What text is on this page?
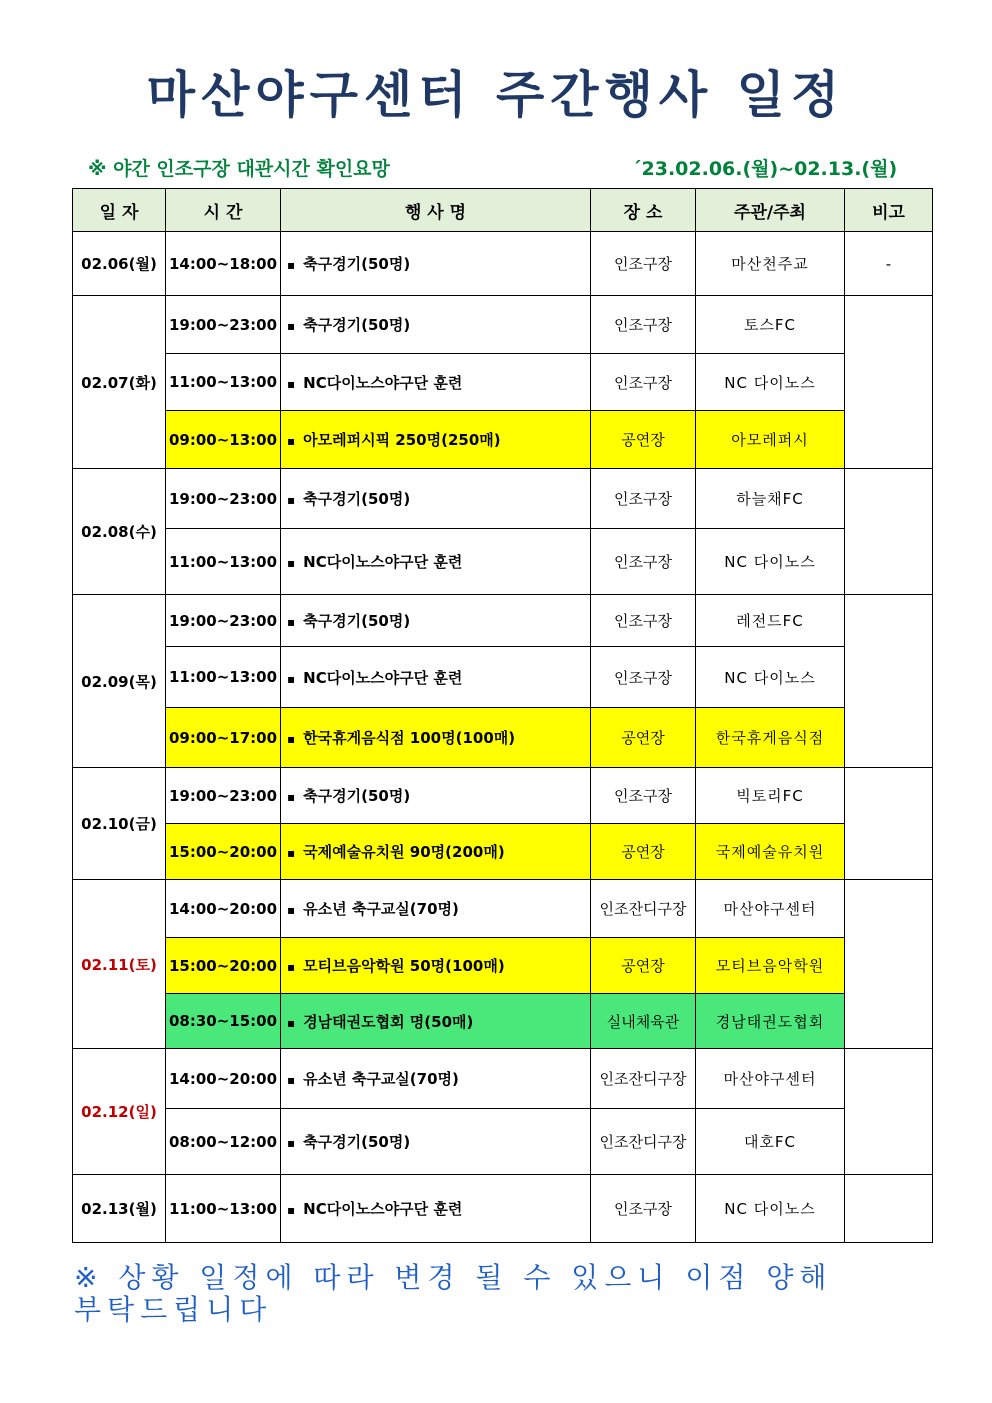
마산야구센터 주간행사 일정
※ 야간 인조구장 대관시간 확인요망	´23.02.06.(월)~02.13.(월)
일 자	시 간	행 사 명	장 소	주관/주최	비고
02.06(월)	14:00~18:00	▪ 축구경기(50명)	인조구장	마산천주교	-
02.07(화)	19:00~23:00	▪ 축구경기(50명)	인조구장	토스FC	
	11:00~13:00	▪ NC다이노스야구단 훈련	인조구장	NC 다이노스	
	09:00~13:00	▪ 아모레퍼시픽 250명(250매)	공연장	아모레퍼시	
02.08(수)	19:00~23:00	▪ 축구경기(50명)	인조구장	하늘채FC	
	11:00~13:00	▪ NC다이노스야구단 훈련	인조구장	NC 다이노스	
02.09(목)	19:00~23:00	▪ 축구경기(50명)	인조구장	레전드FC	
	11:00~13:00	▪ NC다이노스야구단 훈련	인조구장	NC 다이노스	
	09:00~17:00	▪ 한국휴게음식점 100명(100매)	공연장	한국휴게음식점	
02.10(금)	19:00~23:00	▪ 축구경기(50명)	인조구장	빅토리FC	
	15:00~20:00	▪ 국제예술유치원 90명(200매)	공연장	국제예술유치원	
02.11(토)	14:00~20:00	▪ 유소년 축구교실(70명)	인조잔디구장	마산야구센터	
	15:00~20:00	▪ 모티브음악학원 50명(100매)	공연장	모티브음악학원	
	08:30~15:00	▪ 경남태권도협회 명(50매)	실내체육관	경남태권도협회	
02.12(일)	14:00~20:00	▪ 유소년 축구교실(70명)	인조잔디구장	마산야구센터	
	08:00~12:00	▪ 축구경기(50명)	인조잔디구장	대호FC	
02.13(월)	11:00~13:00	▪ NC다이노스야구단 훈련	인조구장	NC 다이노스	
※ 상황 일정에 따라 변경 될 수 있으니 이점 양해 부탁드립니다
